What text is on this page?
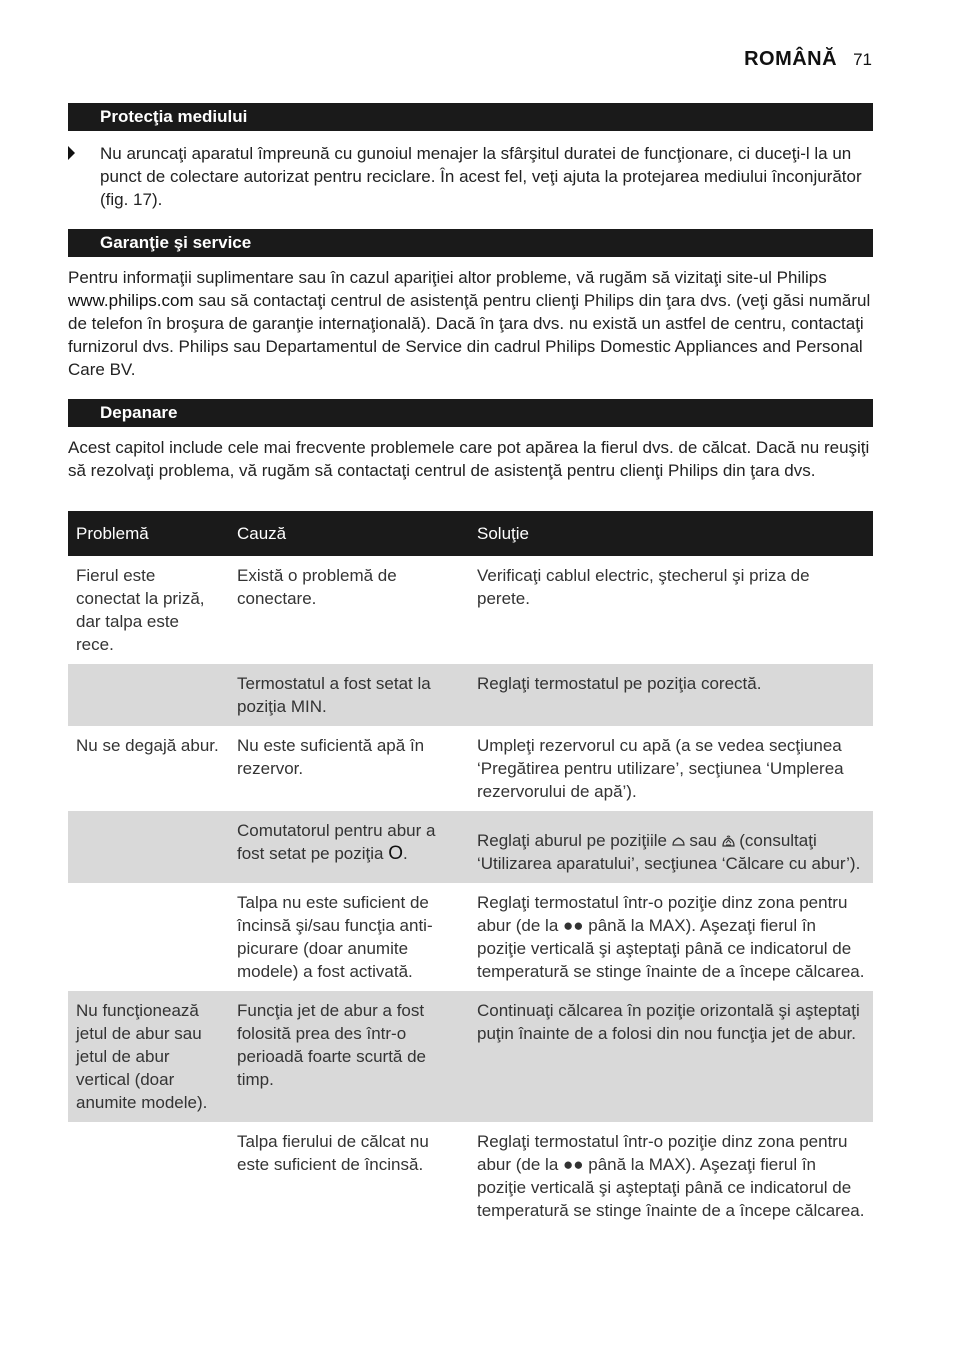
ROMÂNĂ 71
Protecţia mediului
Nu aruncaţi aparatul împreună cu gunoiul menajer la sfârşitul duratei de funcţionare, ci duceţi-l la un punct de colectare autorizat pentru reciclare. În acest fel, veţi ajuta la protejarea mediului înconjurător (fig. 17).
Garanţie şi service
Pentru informaţii suplimentare sau în cazul apariţiei altor probleme, vă rugăm să vizitaţi site-ul Philips www.philips.com sau să contactaţi centrul de asistenţă pentru clienţi Philips din ţara dvs. (veţi găsi numărul de telefon în broşura de garanţie internaţională). Dacă în ţara dvs. nu există un astfel de centru, contactaţi furnizorul dvs. Philips sau Departamentul de Service din cadrul Philips Domestic Appliances and Personal Care BV.
Depanare
Acest capitol include cele mai frecvente problemele care pot apărea la fierul dvs. de călcat. Dacă nu reuşiţi să rezolvaţi problema, vă rugăm să contactaţi centrul de asistenţă pentru clienţi Philips din ţara dvs.
Problemă	Cauză	Soluţie
Fierul este conectat la priză, dar talpa este rece.	Există o problemă de conectare.	Verificaţi cablul electric, ştecherul şi priza de perete.
	Termostatul a fost setat la poziţia MIN.	Reglaţi termostatul pe poziţia corectă.
Nu se degajă abur.	Nu este suficientă apă în rezervor.	Umpleţi rezervorul cu apă (a se vedea secţiunea ‘Pregătirea pentru utilizare’, secţiunea ‘Umplerea rezervorului de apă’).
	Comutatorul pentru abur a fost setat pe poziţia O.	Reglaţi aburul pe poziţiile  sau  (consultaţi ‘Utilizarea aparatului’, secţiunea ‘Călcare cu abur’).
	Talpa nu este suficient de încinsă şi/sau funcţia anti-picurare (doar anumite modele) a fost activată.	Reglaţi termostatul într-o poziţie dinz zona pentru abur (de la ●● până la MAX). Aşezaţi fierul în poziţie verticală şi aşteptaţi până ce indicatorul de temperatură se stinge înainte de a începe călcarea.
Nu funcţionează jetul de abur sau jetul de abur vertical (doar anumite modele).	Funcţia jet de abur a fost folosită prea des într-o perioadă foarte scurtă de timp.	Continuaţi călcarea în poziţie orizontală şi aşteptaţi puţin înainte de a folosi din nou funcţia jet de abur.
	Talpa fierului de călcat nu este suficient de încinsă.	Reglaţi termostatul într-o poziţie dinz zona pentru abur (de la ●● până la MAX). Aşezaţi fierul în poziţie verticală şi aşteptaţi până ce indicatorul de temperatură se stinge înainte de a începe călcarea.
